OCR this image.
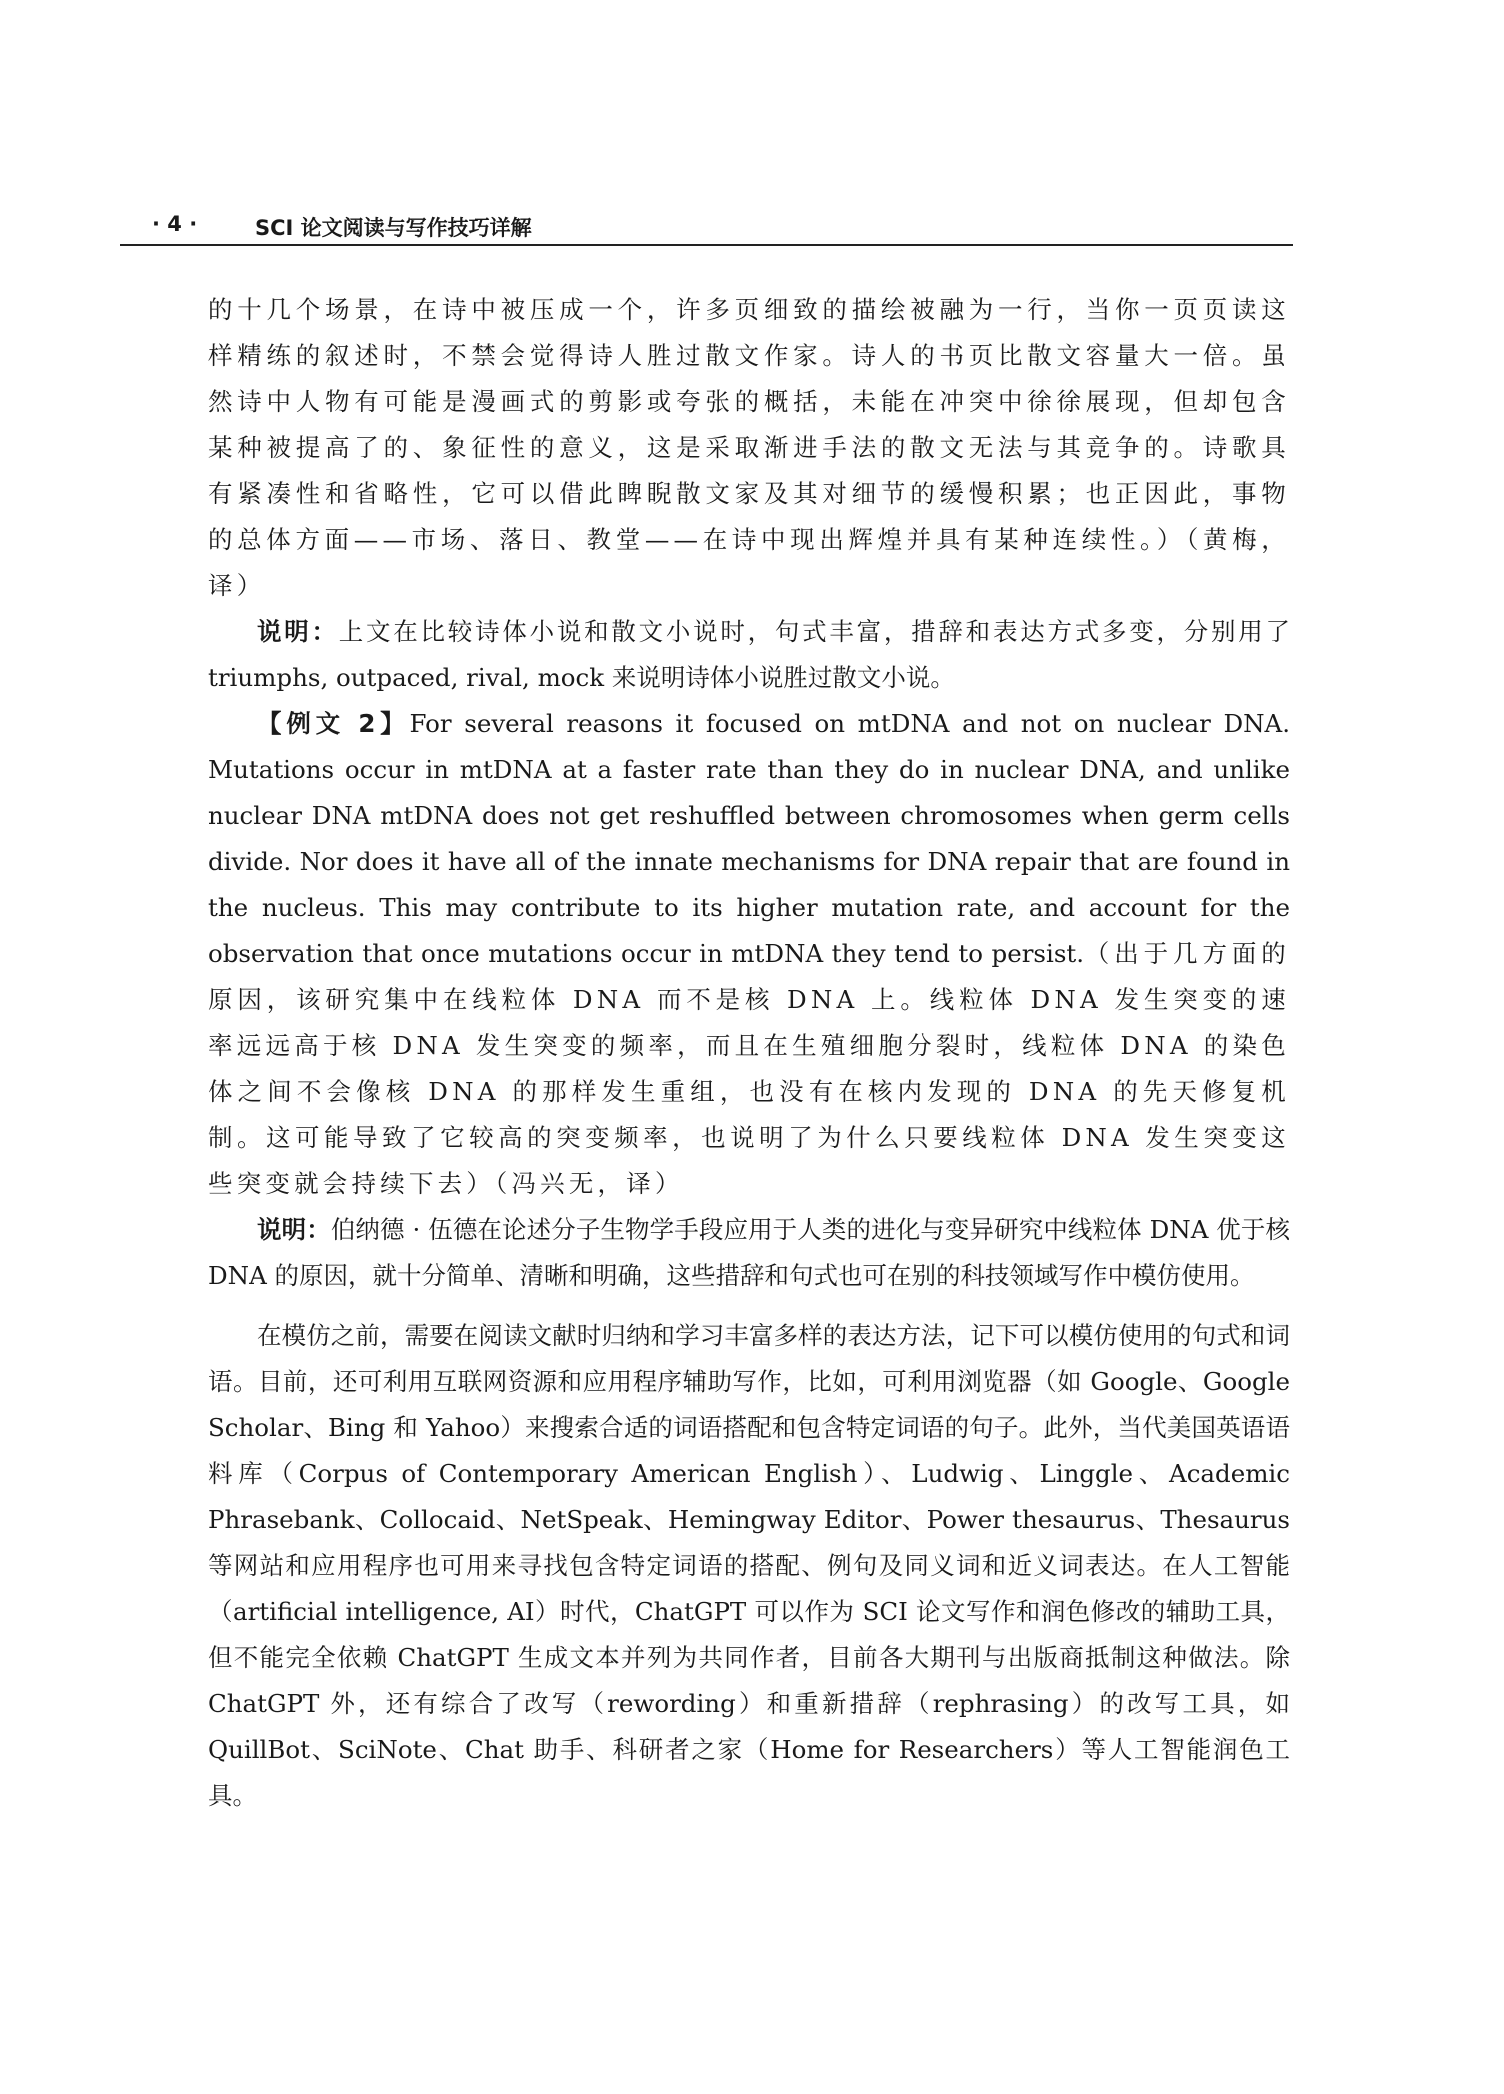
· 4 ·	SCI 论文阅读与写作技巧详解

的十几个场景，在诗中被压成一个，许多页细致的描绘被融为一行，当你一页页读这样精练的叙述时，不禁会觉得诗人胜过散文作家。诗人的书页比散文容量大一倍。虽然诗中人物有可能是漫画式的剪影或夸张的概括，未能在冲突中徐徐展现，但却包含某种被提高了的、象征性的意义，这是采取渐进手法的散文无法与其竞争的。诗歌具有紧凑性和省略性，它可以借此睥睨散文家及其对细节的缓慢积累；也正因此，事物的总体方面——市场、落日、教堂——在诗中现出辉煌并具有某种连续性。）（黄梅，译）

说明：上文在比较诗体小说和散文小说时，句式丰富，措辞和表达方式多变，分别用了 triumphs, outpaced, rival, mock 来说明诗体小说胜过散文小说。

【例文 2】For several reasons it focused on mtDNA and not on nuclear DNA. Mutations occur in mtDNA at a faster rate than they do in nuclear DNA, and unlike nuclear DNA mtDNA does not get reshuffled between chromosomes when germ cells divide. Nor does it have all of the innate mechanisms for DNA repair that are found in the nucleus. This may contribute to its higher mutation rate, and account for the observation that once mutations occur in mtDNA they tend to persist.（出于几方面的原因，该研究集中在线粒体 DNA 而不是核 DNA 上。线粒体 DNA 发生突变的速率远远高于核 DNA 发生突变的频率，而且在生殖细胞分裂时，线粒体 DNA 的染色体之间不会像核 DNA 的那样发生重组，也没有在核内发现的 DNA 的先天修复机制。这可能导致了它较高的突变频率，也说明了为什么只要线粒体 DNA 发生突变这些突变就会持续下去）（冯兴无，译）

说明：伯纳德 · 伍德在论述分子生物学手段应用于人类的进化与变异研究中线粒体 DNA 优于核 DNA 的原因，就十分简单、清晰和明确，这些措辞和句式也可在别的科技领域写作中模仿使用。

在模仿之前，需要在阅读文献时归纳和学习丰富多样的表达方法，记下可以模仿使用的句式和词语。目前，还可利用互联网资源和应用程序辅助写作，比如，可利用浏览器（如 Google、Google Scholar、Bing 和 Yahoo）来搜索合适的词语搭配和包含特定词语的句子。此外，当代美国英语语料库（Corpus of Contemporary American English）、Ludwig、Linggle、Academic Phrasebank、Collocaid、NetSpeak、Hemingway Editor、Power thesaurus、Thesaurus 等网站和应用程序也可用来寻找包含特定词语的搭配、例句及同义词和近义词表达。在人工智能（artificial intelligence, AI）时代，ChatGPT 可以作为 SCI 论文写作和润色修改的辅助工具，但不能完全依赖 ChatGPT 生成文本并列为共同作者，目前各大期刊与出版商抵制这种做法。除 ChatGPT 外，还有综合了改写（rewording）和重新措辞（rephrasing）的改写工具，如 QuillBot、SciNote、Chat 助手、科研者之家（Home for Researchers）等人工智能润色工具。
